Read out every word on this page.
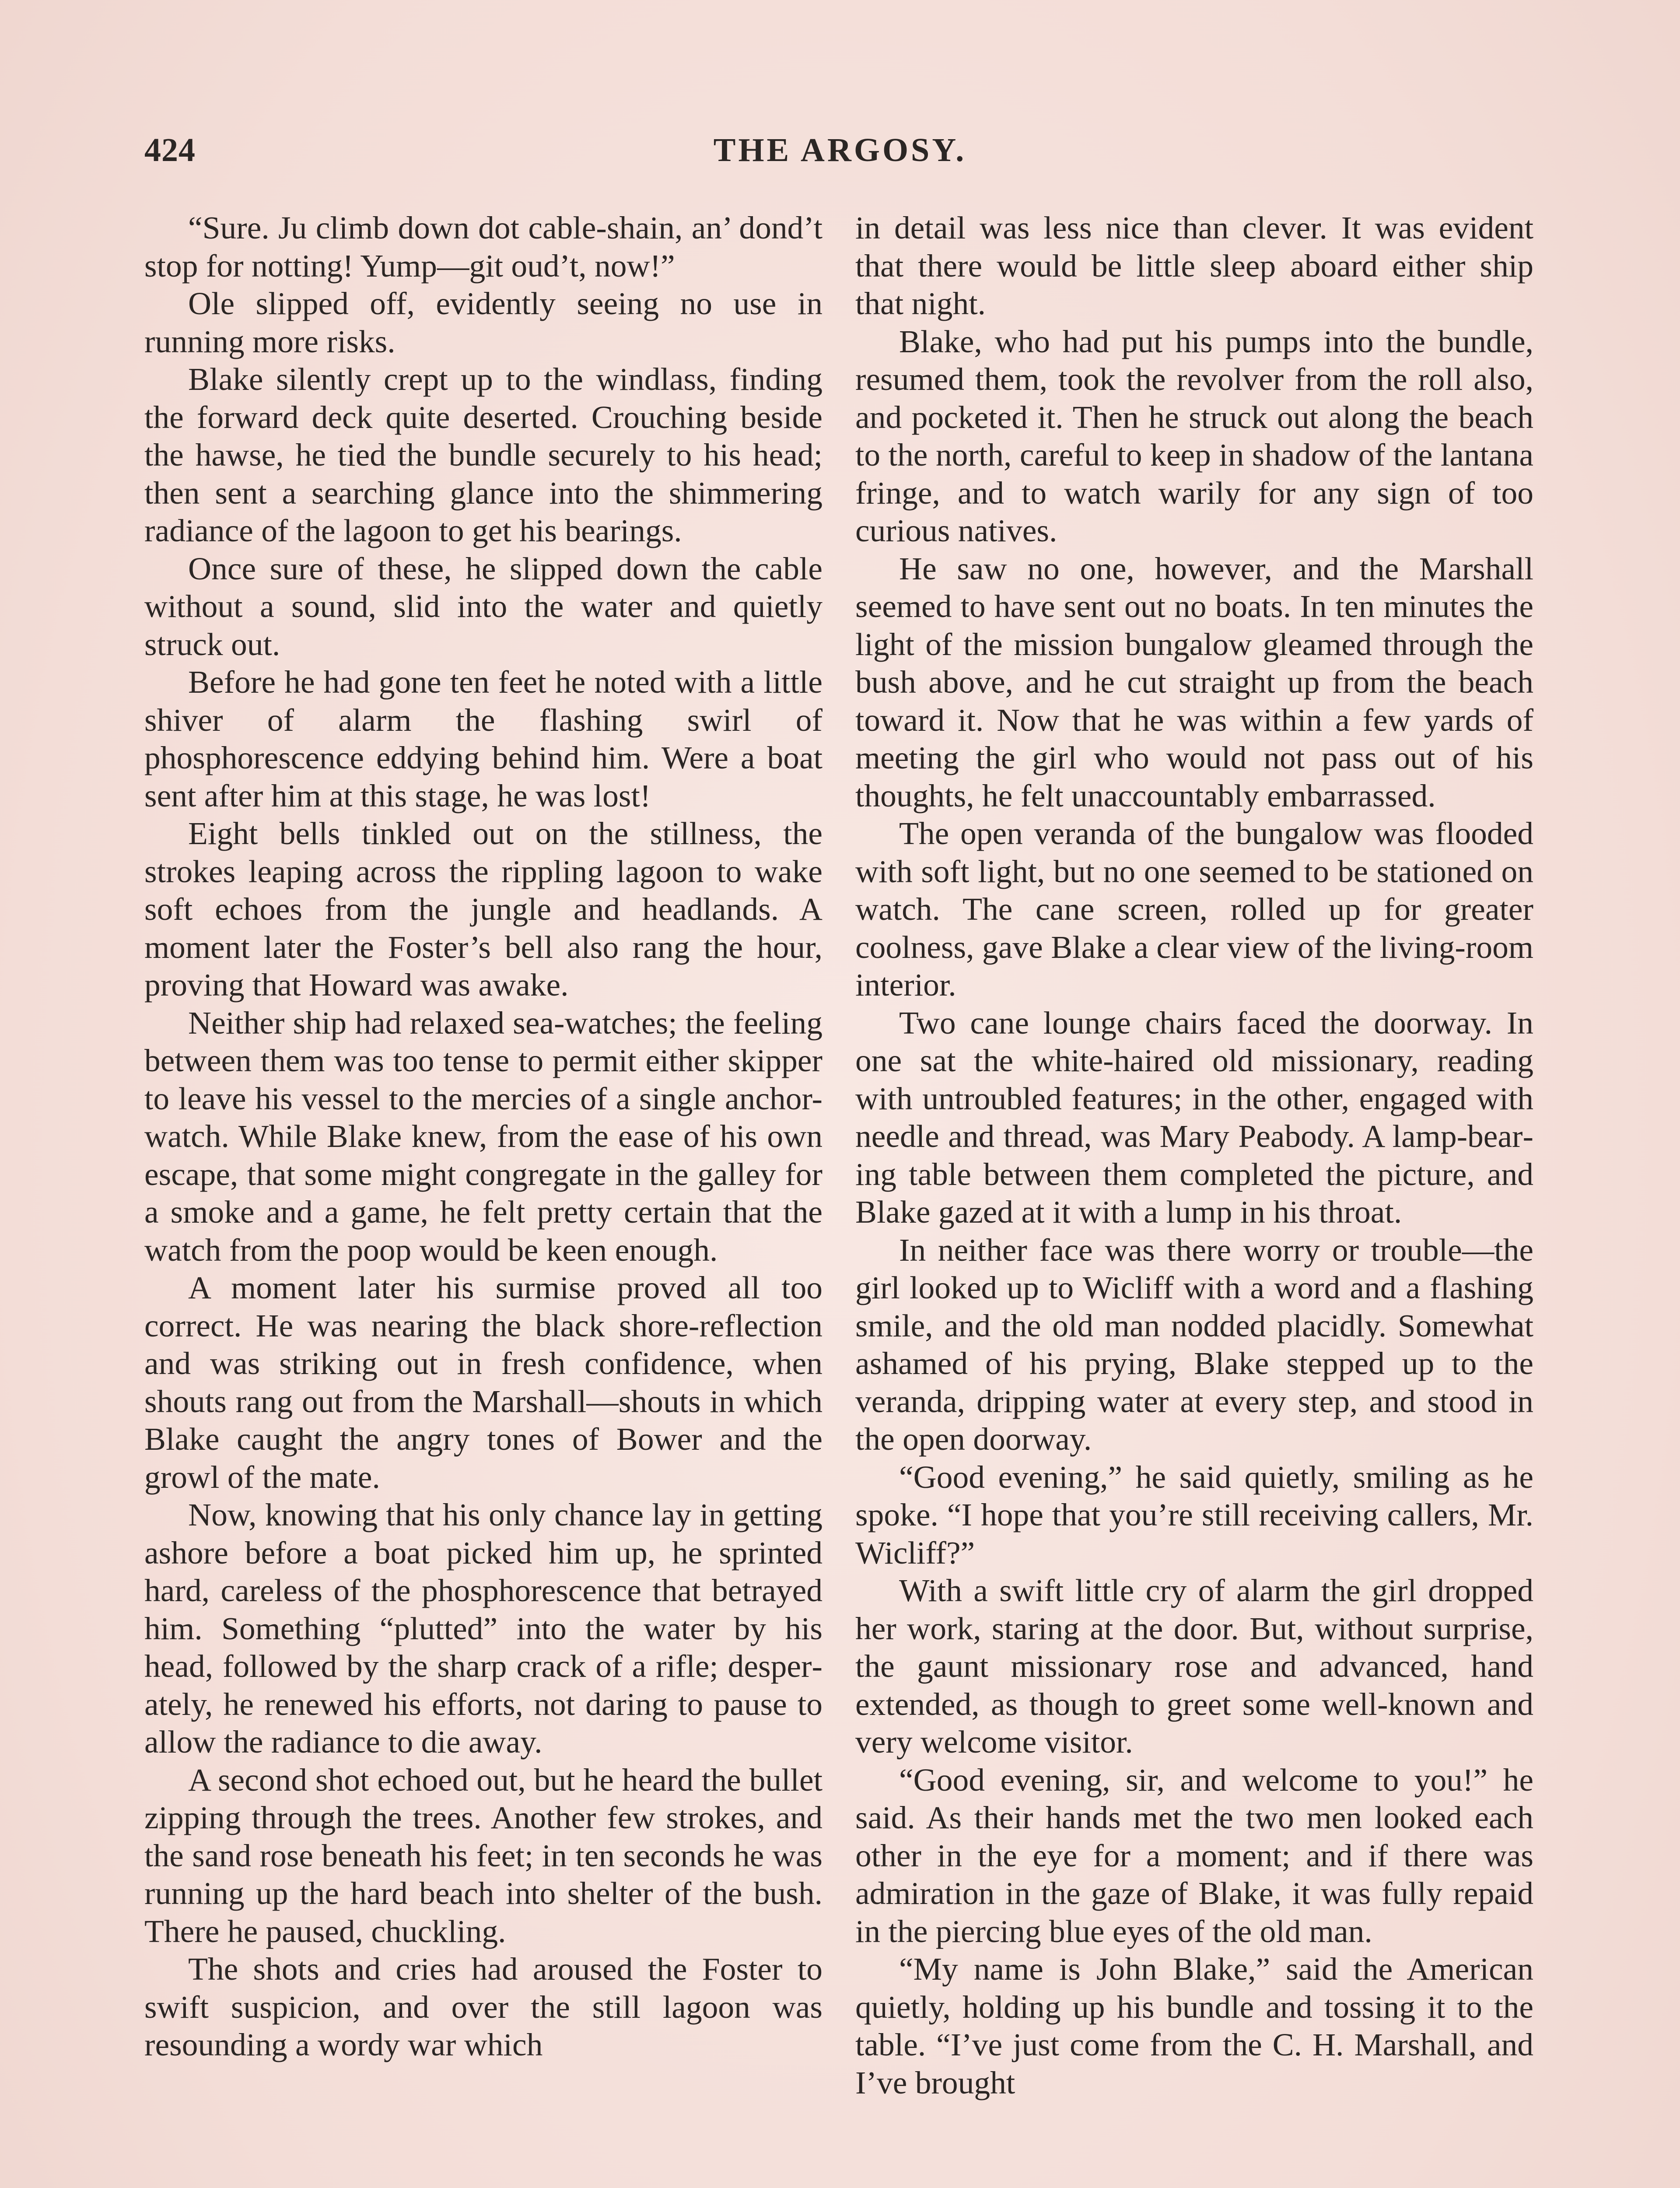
424	THE ARGOSY.

“Sure. Ju climb down dot cable-shain, an’ dond’t stop for notting! Yump—git oud’t, now!”

Ole slipped off, evidently seeing no use in running more risks.

Blake silently crept up to the windlass, finding the forward deck quite deserted. Crouching beside the hawse, he tied the bundle securely to his head; then sent a searching glance into the shimmering radiance of the lagoon to get his bearings.

Once sure of these, he slipped down the cable without a sound, slid into the water and quietly struck out.

Before he had gone ten feet he noted with a little shiver of alarm the flashing swirl of phosphorescence eddying behind him. Were a boat sent after him at this stage, he was lost!

Eight bells tinkled out on the stillness, the strokes leaping across the rippling lagoon to wake soft echoes from the jungle and headlands. A moment later the Foster’s bell also rang the hour, proving that Howard was awake.

Neither ship had relaxed sea-watches; the feeling between them was too tense to permit either skipper to leave his vessel to the mercies of a single anchor-watch. While Blake knew, from the ease of his own escape, that some might congregate in the galley for a smoke and a game, he felt pretty certain that the watch from the poop would be keen enough.

A moment later his surmise proved all too correct. He was nearing the black shore-reflection and was striking out in fresh confidence, when shouts rang out from the Marshall—shouts in which Blake caught the angry tones of Bower and the growl of the mate.

Now, knowing that his only chance lay in getting ashore before a boat picked him up, he sprinted hard, careless of the phosphorescence that betrayed him. Something “plutted” into the water by his head, followed by the sharp crack of a rifle; desperately, he renewed his efforts, not daring to pause to allow the radiance to die away.

A second shot echoed out, but he heard the bullet zipping through the trees. Another few strokes, and the sand rose beneath his feet; in ten seconds he was running up the hard beach into shelter of the bush. There he paused, chuckling.

The shots and cries had aroused the Foster to swift suspicion, and over the still lagoon was resounding a wordy war which

in detail was less nice than clever. It was evident that there would be little sleep aboard either ship that night.

Blake, who had put his pumps into the bundle, resumed them, took the revolver from the roll also, and pocketed it. Then he struck out along the beach to the north, careful to keep in shadow of the lantana fringe, and to watch warily for any sign of too curious natives.

He saw no one, however, and the Marshall seemed to have sent out no boats. In ten minutes the light of the mission bungalow gleamed through the bush above, and he cut straight up from the beach toward it. Now that he was within a few yards of meeting the girl who would not pass out of his thoughts, he felt unaccountably embarrassed.

The open veranda of the bungalow was flooded with soft light, but no one seemed to be stationed on watch. The cane screen, rolled up for greater coolness, gave Blake a clear view of the living-room interior.

Two cane lounge chairs faced the doorway. In one sat the white-haired old missionary, reading with untroubled features; in the other, engaged with needle and thread, was Mary Peabody. A lamp-bearing table between them completed the picture, and Blake gazed at it with a lump in his throat.

In neither face was there worry or trouble—the girl looked up to Wicliff with a word and a flashing smile, and the old man nodded placidly. Somewhat ashamed of his prying, Blake stepped up to the veranda, dripping water at every step, and stood in the open doorway.

“Good evening,” he said quietly, smiling as he spoke. “I hope that you’re still receiving callers, Mr. Wicliff?”

With a swift little cry of alarm the girl dropped her work, staring at the door. But, without surprise, the gaunt missionary rose and advanced, hand extended, as though to greet some well-known and very welcome visitor.

“Good evening, sir, and welcome to you!” he said. As their hands met the two men looked each other in the eye for a moment; and if there was admiration in the gaze of Blake, it was fully repaid in the piercing blue eyes of the old man.

“My name is John Blake,” said the American quietly, holding up his bundle and tossing it to the table. “I’ve just come from the C. H. Marshall, and I’ve brought
